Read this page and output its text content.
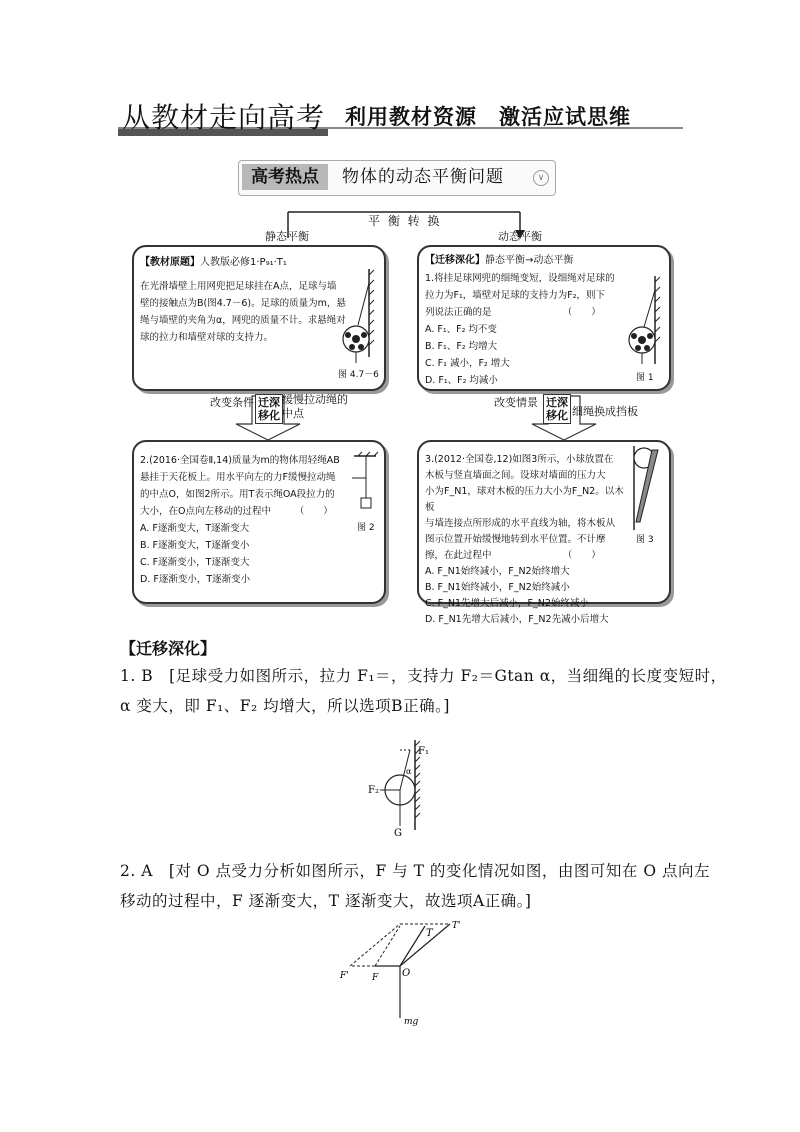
从教材走向高考 利用教材资源　激活应试思维
高考热点	物体的动态平衡问题	∨
平 衡 转 换
静态平衡	动态平衡
【教材原题】人教版必修1·P₉₁·T₁
在光滑墙壁上用网兜把足球挂在A点，足球与墙
壁的接触点为B(图4.7－6)。足球的质量为m，悬
绳与墙壁的夹角为α，网兜的质量不计。求悬绳对
球的拉力和墙壁对球的支持力。
图 4.7－6
【迁移深化】静态平衡→动态平衡
1.将挂足球网兜的细绳变短，设细绳对足球的
拉力为F₁，墙壁对足球的支持力为F₂，则下
列说法正确的是　　　　　　　　（　　）
A. F₁、F₂ 均不变
B. F₁、F₂ 均增大
C. F₁ 减小，F₂ 增大
D. F₁、F₂ 均减小	图 1
改变条件 迁深移化
缓慢拉动绳的中点
改变情景 迁深移化 细绳换成挡板
2.(2016·全国卷Ⅱ,14)质量为m的物体用轻绳AB
悬挂于天花板上。用水平向左的力F缓慢拉动绳
的中点O，如图2所示。用T表示绳OA段拉力的
大小，在O点向左移动的过程中　　　（　　）
A. F逐渐变大，T逐渐变大
B. F逐渐变大，T逐渐变小
C. F逐渐变小，T逐渐变大
D. F逐渐变小，T逐渐变小
图 2
3.(2012·全国卷,12)如图3所示，小球放置在
木板与竖直墙面之间。设球对墙面的压力大
小为F_N1，球对木板的压力大小为F_N2。以木板
与墙连接点所形成的水平直线为轴，将木板从
图示位置开始缓慢地转到水平位置。不计摩
擦，在此过程中　　　　　　　　（　　）
A. F_N1始终减小，F_N2始终增大
B. F_N1始终减小，F_N2始终减小
C. F_N1先增大后减小，F_N2始终减小
D. F_N1先增大后减小，F_N2先减小后增大
图 3
【迁移深化】
1. B　[足球受力如图所示，拉力 F₁＝，支持力 F₂＝Gtan α，当细绳的长度变短时，
α 变大，即 F₁、F₂ 均增大，所以选项B正确。]
F₁
α
F₂
G
2. A　[对 O 点受力分析如图所示，F 与 T 的变化情况如图，由图可知在 O 点向左
移动的过程中，F 逐渐变大，T 逐渐变大，故选项A正确。]
T
T'
F'	F O
mg
